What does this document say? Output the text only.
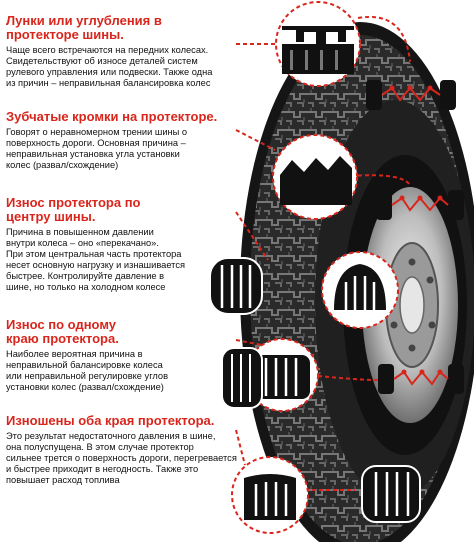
Лунки или углубления в
протекторе шины.
Чаще всего встречаются на передних колесах.
Свидетельствуют об износе деталей систем
рулевого управления или подвески. Также одна
из причин – неправильная балансировка колес
Зубчатые кромки на протекторе.
Говорят о неравномерном трении шины о
поверхность дороги. Основная причина –
неправильная установка угла установки
колес (развал/схождение)
Износ протектора по
центру шины.
Причина в повышенном давлении
внутри колеса – оно «перекачано».
При этом центральная часть протектора
несет основную нагрузку и изнашивается
быстрее. Контролируйте давление в
шине, но только на холодном колесе
Износ по одному
краю протектора.
Наиболее вероятная причина в
неправильной балансировке колеса
или неправильной регулировке углов
установки колес (развал/схождение)
Изношены оба края протектора.
Это результат недостаточного давления в шине,
она полуспущена. В этом случае протектор
сильнее трется о поверхность дороги, перегревается
и быстрее приходит в негодность. Также это
повышает расход топлива
